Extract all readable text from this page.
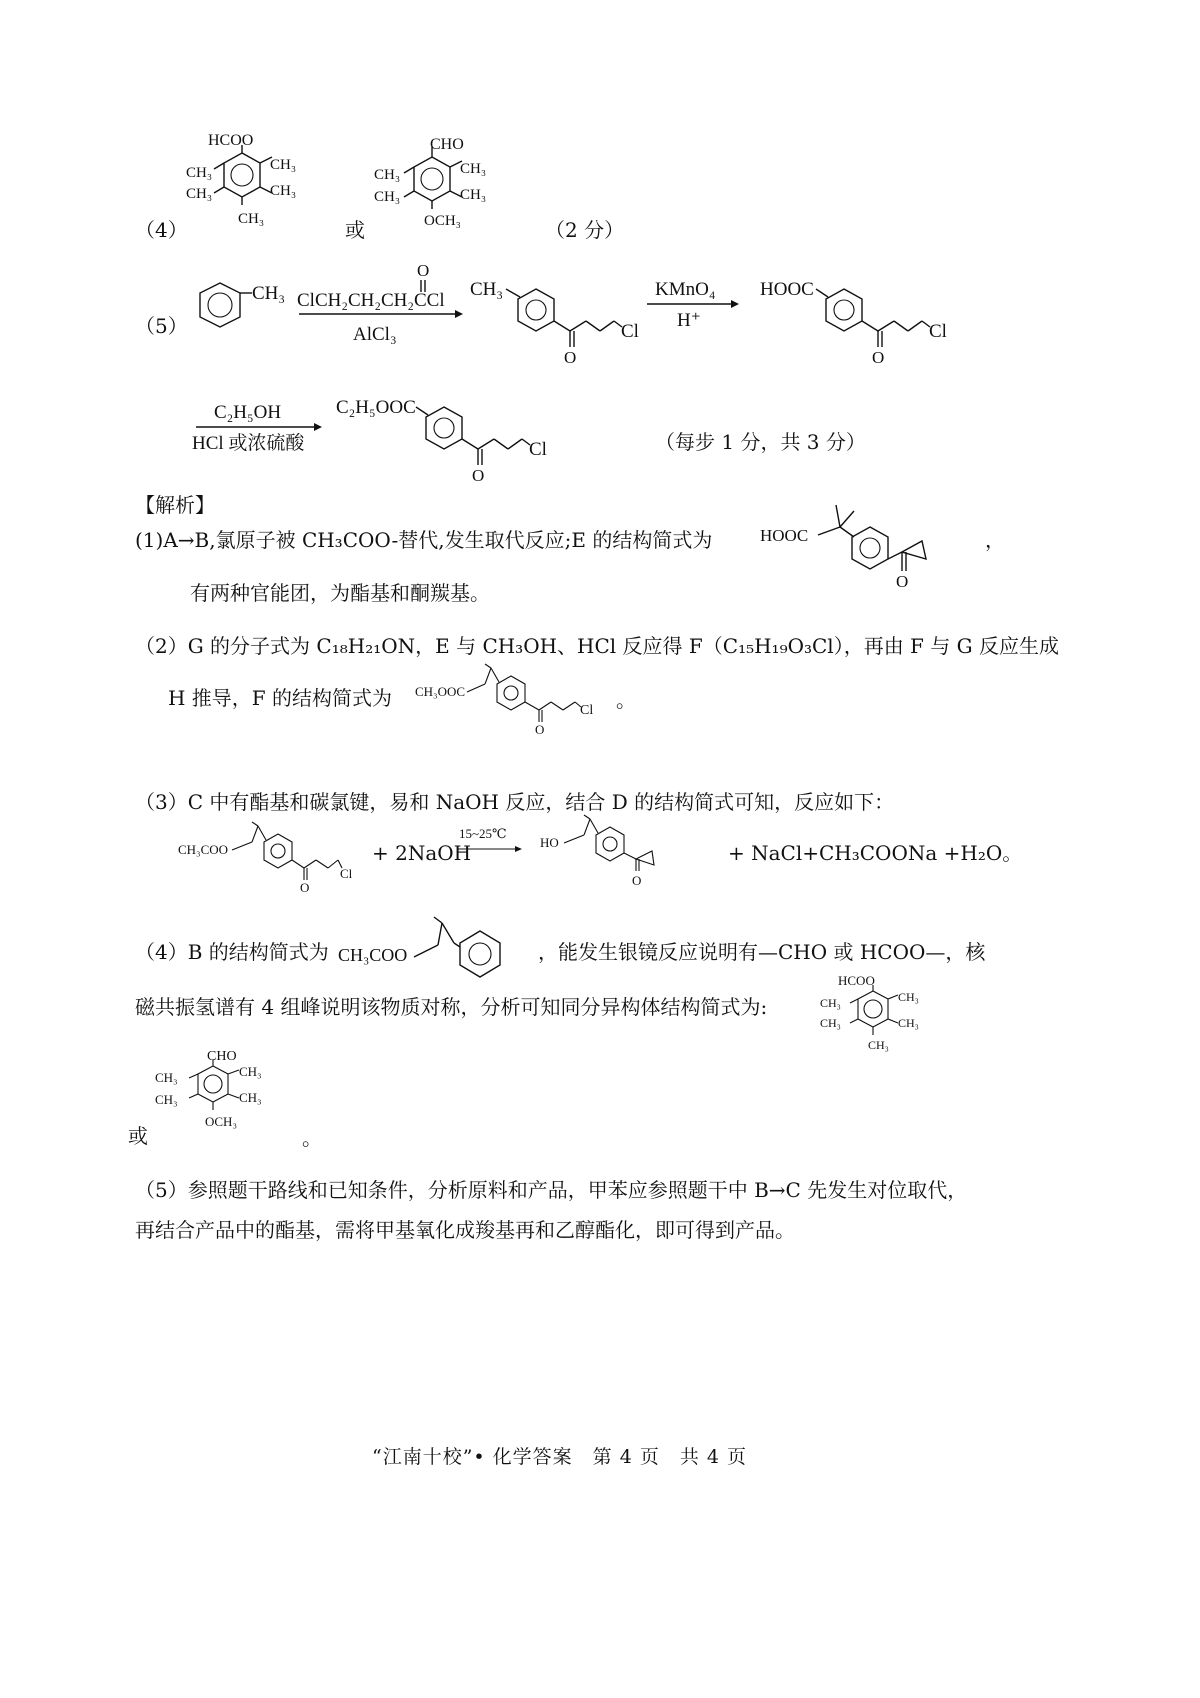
（4）
HCOO
CH₃
CH₃
CH₃
CH₃
CH₃	或
CHO
CH₃
CH₃
CH₃
CH₃
OCH₃	（2 分）
（5）
CH₃
O
ClCH₂CH₂CH₂CCl
AlCl₃
CH₃
O
Cl
KMnO₄
H⁺
HOOC
O
Cl
C₂H₅OH
HCl 或浓硫酸
C₂H₅OOC
O
Cl	（每步 1 分，共 3 分）
【解析】
(1)A→B,氯原子被 CH₃COO-替代,发生取代反应;E 的结构简式为	HOOC
O
，
有两种官能团，为酯基和酮羰基。
（2）G 的分子式为 C₁₈H₂₁ON，E 与 CH₃OH、HCl 反应得 F（C₁₅H₁₉O₃Cl），再由 F 与 G 反应生成
H 推导，F 的结构简式为 CH₃OOC
O
Cl 。
（3）C 中有酯基和碳氯键，易和 NaOH 反应，结合 D 的结构简式可知，反应如下：
CH₃COO
O
Cl
+ 2NaOH
15~25℃
HO
O
+ NaCl+CH₃COONa +H₂O。
（4）B 的结构简式为 CH₃COO	，能发生银镜反应说明有—CHO 或 HCOO—，核
磁共振氢谱有 4 组峰说明该物质对称，分析可知同分异构体结构简式为:
HCOO
CH₃
CH₃
CH₃
CH₃
CH₃
或
CHO
CH₃
CH₃
CH₃
CH₃
OCH₃
。
（5）参照题干路线和已知条件，分析原料和产品，甲苯应参照题干中 B→C 先发生对位取代，
再结合产品中的酯基，需将甲基氧化成羧基再和乙醇酯化，即可得到产品。
“江南十校”• 化学答案　第 4 页　共 4 页
